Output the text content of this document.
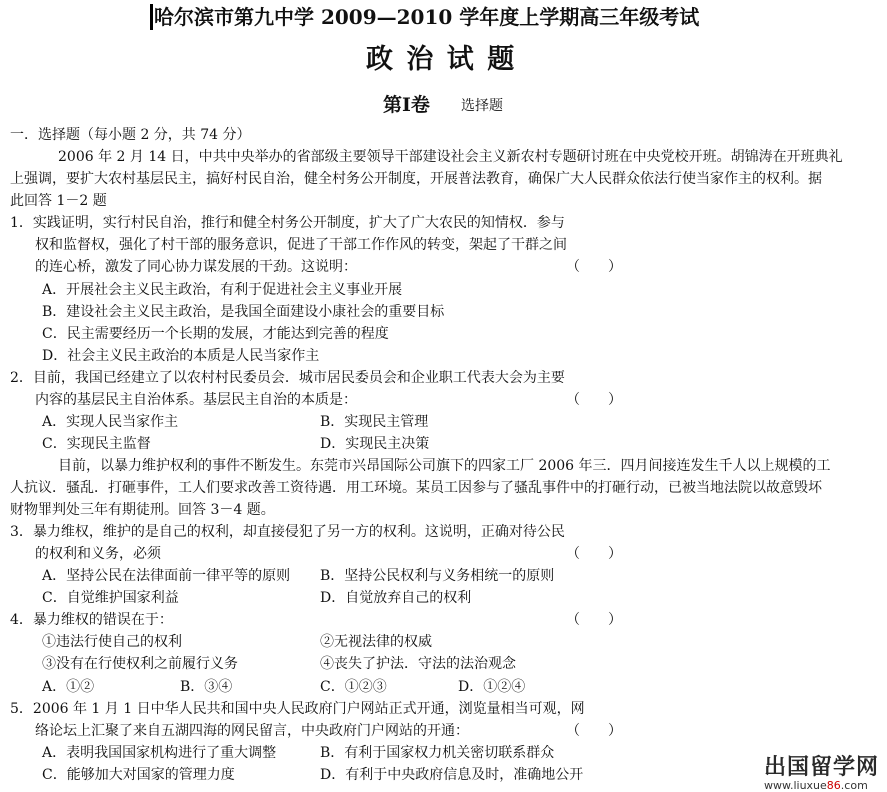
哈尔滨市第九中学 2009—2010 学年度上学期高三年级考试
政 治 试 题
第Ⅰ卷 选择题
一．选择题（每小题 2 分，共 74 分）
2006 年 2 月 14 日，中共中央举办的省部级主要领导干部建设社会主义新农村专题研讨班在中央党校开班。胡锦涛在开班典礼
上强调，要扩大农村基层民主，搞好村民自治，健全村务公开制度，开展普法教育，确保广大人民群众依法行使当家作主的权利。据
此回答 1－2 题
1．实践证明，实行村民自治，推行和健全村务公开制度，扩大了广大农民的知情权．参与
权和监督权，强化了村干部的服务意识，促进了干部工作作风的转变，架起了干群之间
的连心桥，激发了同心协力谋发展的干劲。这说明：	（　　）
A．开展社会主义民主政治，有利于促进社会主义事业开展
B．建设社会主义民主政治，是我国全面建设小康社会的重要目标
C．民主需要经历一个长期的发展，才能达到完善的程度
D．社会主义民主政治的本质是人民当家作主
2．目前，我国已经建立了以农村村民委员会．城市居民委员会和企业职工代表大会为主要
内容的基层民主自治体系。基层民主自治的本质是：	（　　）
A．实现人民当家作主	B．实现民主管理
C．实现民主监督	D．实现民主决策
目前，以暴力维护权利的事件不断发生。东莞市兴昂国际公司旗下的四家工厂 2006 年三．四月间接连发生千人以上规模的工
人抗议．骚乱．打砸事件，工人们要求改善工资待遇．用工环境。某员工因参与了骚乱事件中的打砸行动，已被当地法院以故意毁坏
财物罪判处三年有期徒刑。回答 3－4 题。
3．暴力维权，维护的是自己的权利，却直接侵犯了另一方的权利。这说明，正确对待公民
的权利和义务，必须	（　　）
A．坚持公民在法律面前一律平等的原则 B．坚持公民权利与义务相统一的原则
C．自觉维护国家利益	D．自觉放弃自己的权利
4．暴力维权的错误在于：	（　　）
①违法行使自己的权利	②无视法律的权威
③没有在行使权利之前履行义务	④丧失了护法．守法的法治观念
A．①②	B．③④	C．①②③	D．①②④
5．2006 年 1 月 1 日中华人民共和国中央人民政府门户网站正式开通，浏览量相当可观，网
络论坛上汇聚了来自五湖四海的网民留言，中央政府门户网站的开通：	（　　）
A．表明我国国家机构进行了重大调整	B．有利于国家权力机关密切联系群众
C．能够加大对国家的管理力度	D．有利于中央政府信息及时，准确地公开	出国留学网
www.liuxue86.com
